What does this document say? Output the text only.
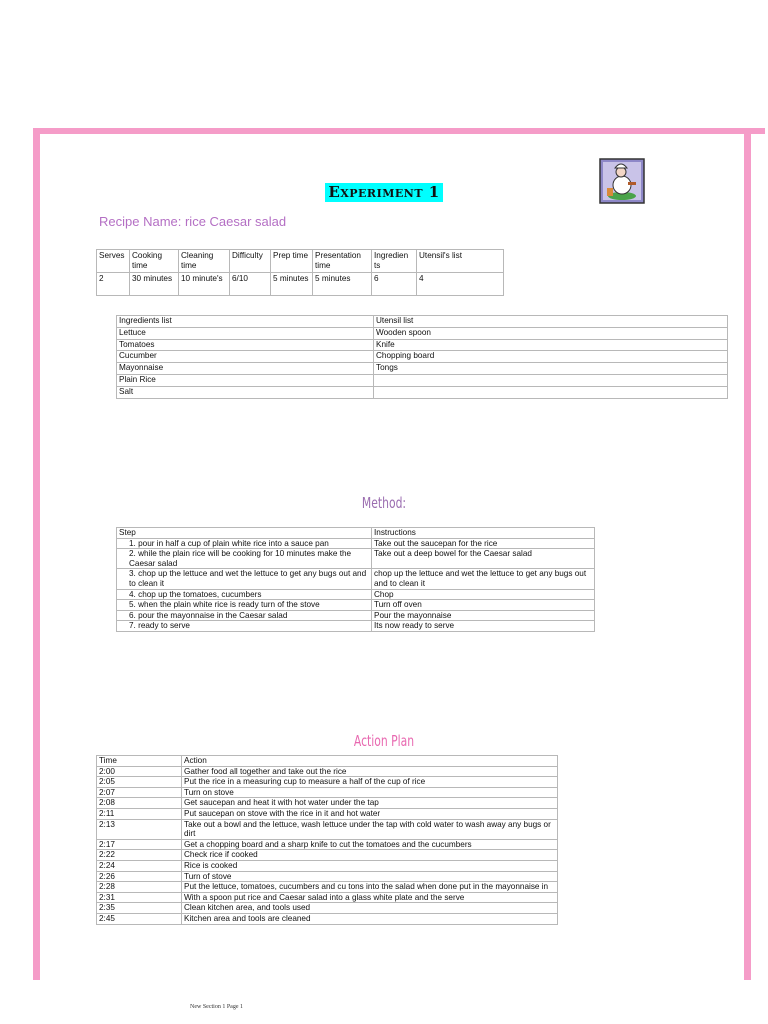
Experiment 1
Recipe Name: rice Caesar salad
Serves	Cooking time	Cleaning time	Difficulty	Prep time	Presentation time	Ingredien ts	Utensil's list
2	30 minutes	10 minute's	6/10	5 minutes	5 minutes	6	4
Ingredients list	Utensil list
Lettuce	Wooden spoon
Tomatoes	Knife
Cucumber	Chopping board
Mayonnaise	Tongs
Plain Rice	
Salt	
Method:
Step	Instructions
1. pour in half a cup of plain white rice into a sauce pan	Take out the saucepan for the rice
2. while the plain rice will be cooking for 10 minutes make the Caesar salad	Take out a deep bowel for the Caesar salad
3. chop up the lettuce and wet the lettuce to get any bugs out and to clean it	chop up the lettuce and wet the lettuce to get any bugs out and to clean it
4. chop up the tomatoes, cucumbers	Chop
5. when the plain white rice is ready turn of the stove	Turn off oven
6. pour the mayonnaise in the Caesar salad	Pour the mayonnaise
7. ready to serve	Its now ready to serve
Action Plan
Time	Action
2:00	Gather food all together and take out the rice
2:05	Put the rice in a measuring cup to measure a half of the cup of rice
2:07	Turn on stove
2:08	Get saucepan and heat it with hot water under the tap
2:11	Put saucepan on stove with the rice in it and hot water
2:13	Take out a bowl and the lettuce, wash lettuce under the tap with cold water to wash away any bugs or dirt
2:17	Get a chopping board and a sharp knife to cut the tomatoes and the cucumbers
2:22	Check rice if cooked
2:24	Rice is cooked
2:26	Turn of stove
2:28	Put the lettuce, tomatoes, cucumbers and cu tons into the salad when done put in the mayonnaise in
2:31	With a spoon put rice and Caesar salad into a glass white plate and the serve
2:35	Clean kitchen area, and tools used
2:45	Kitchen area and tools are cleaned
New Section 1 Page 1
